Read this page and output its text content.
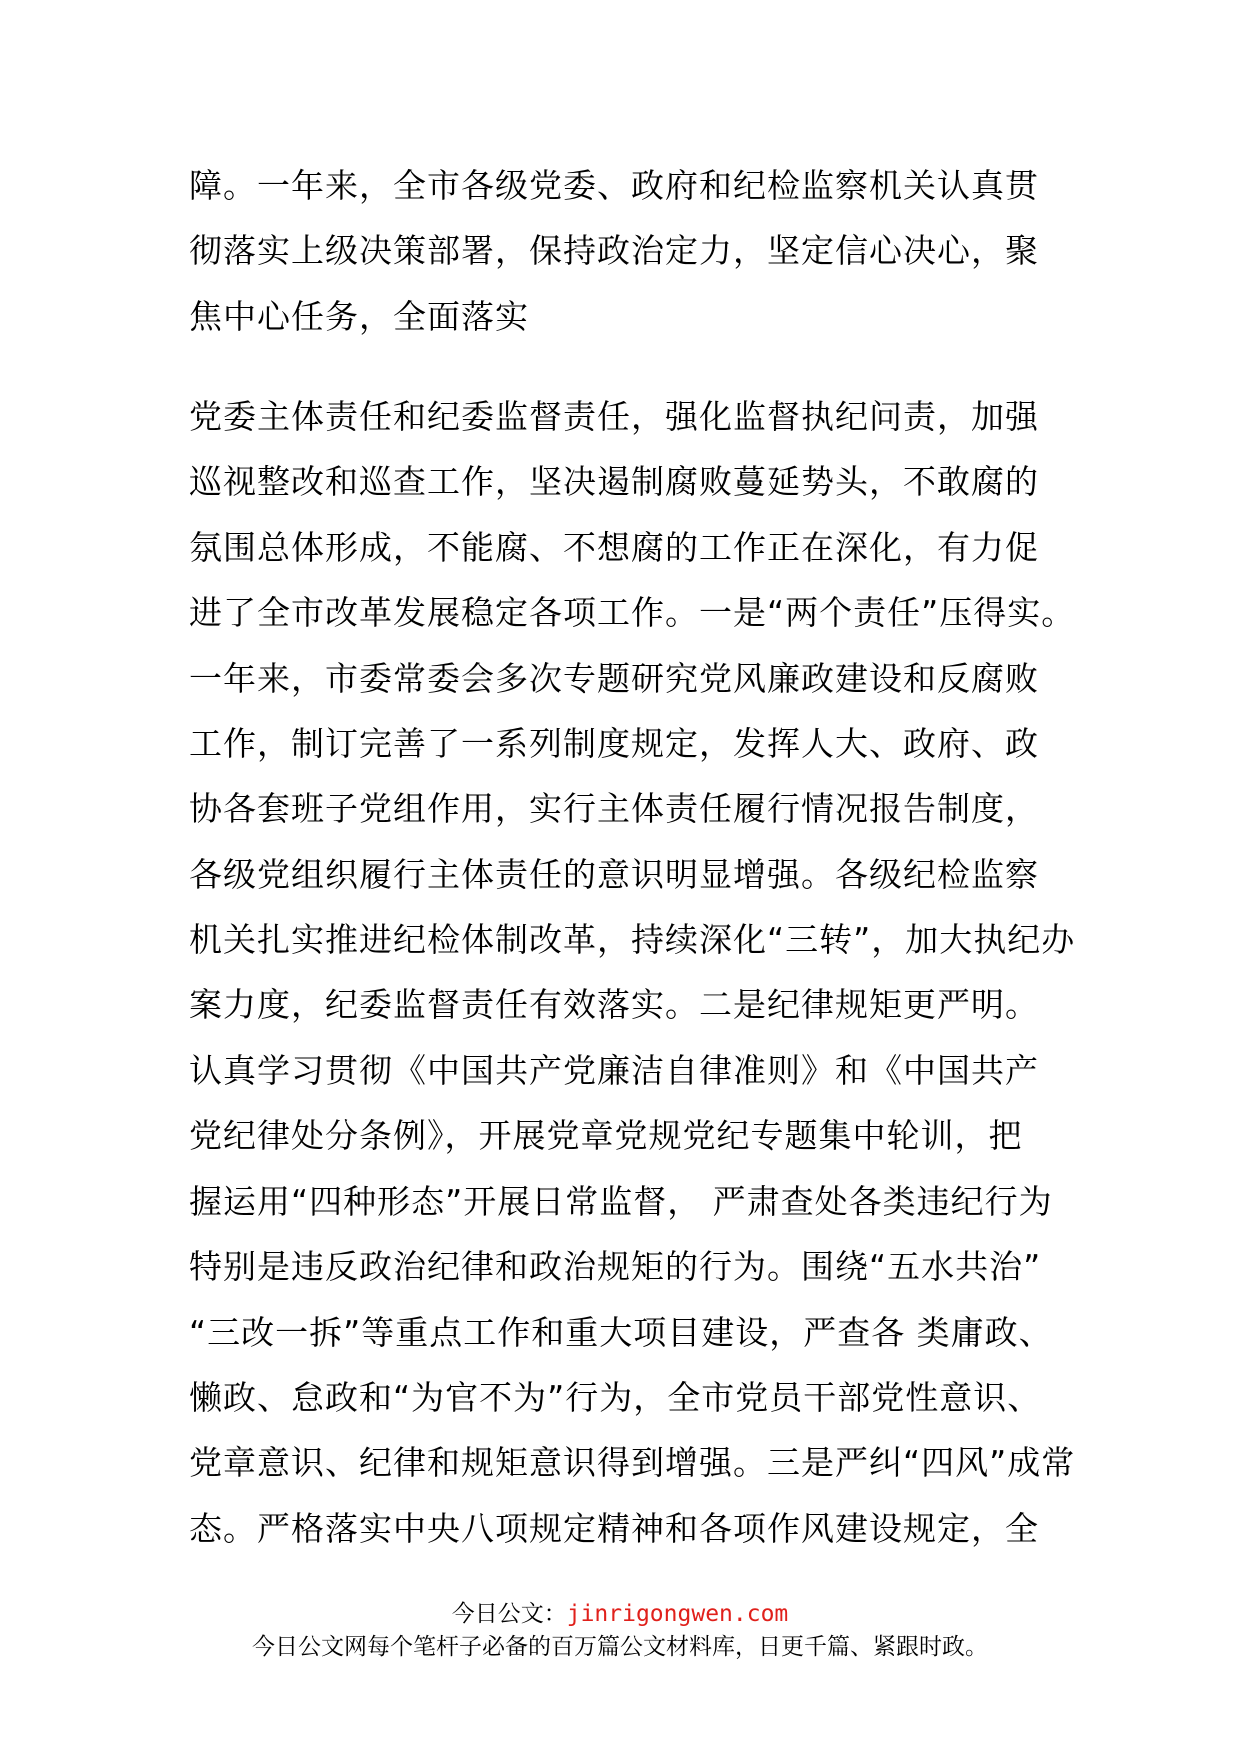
障。一年来，全市各级党委、政府和纪检监察机关认真贯
彻落实上级决策部署，保持政治定力，坚定信心决心，聚
焦中心任务，全面落实
党委主体责任和纪委监督责任，强化监督执纪问责，加强
巡视整改和巡查工作，坚决遏制腐败蔓延势头，不敢腐的
氛围总体形成，不能腐、不想腐的工作正在深化，有力促
进了全市改革发展稳定各项工作。一是“两个责任”压得实。
一年来，市委常委会多次专题研究党风廉政建设和反腐败
工作，制订完善了一系列制度规定，发挥人大、政府、政
协各套班子党组作用，实行主体责任履行情况报告制度，
各级党组织履行主体责任的意识明显增强。各级纪检监察
机关扎实推进纪检体制改革，持续深化“三转”，加大执纪办
案力度，纪委监督责任有效落实。二是纪律规矩更严明。
认真学习贯彻《中国共产党廉洁自律准则》和《中国共产
党纪律处分条例》，开展党章党规党纪专题集中轮训，把
握运用“四种形态”开展日常监督， 严肃查处各类违纪行为
特别是违反政治纪律和政治规矩的行为。围绕“五水共治”
“三改一拆”等重点工作和重大项目建设，严查各 类庸政、
懒政、怠政和“为官不为”行为，全市党员干部党性意识、
党章意识、纪律和规矩意识得到增强。三是严纠“四风”成常
态。严格落实中央八项规定精神和各项作风建设规定，全
今日公文：jinrigongwen.com
今日公文网每个笔杆子必备的百万篇公文材料库，日更千篇、紧跟时政。
